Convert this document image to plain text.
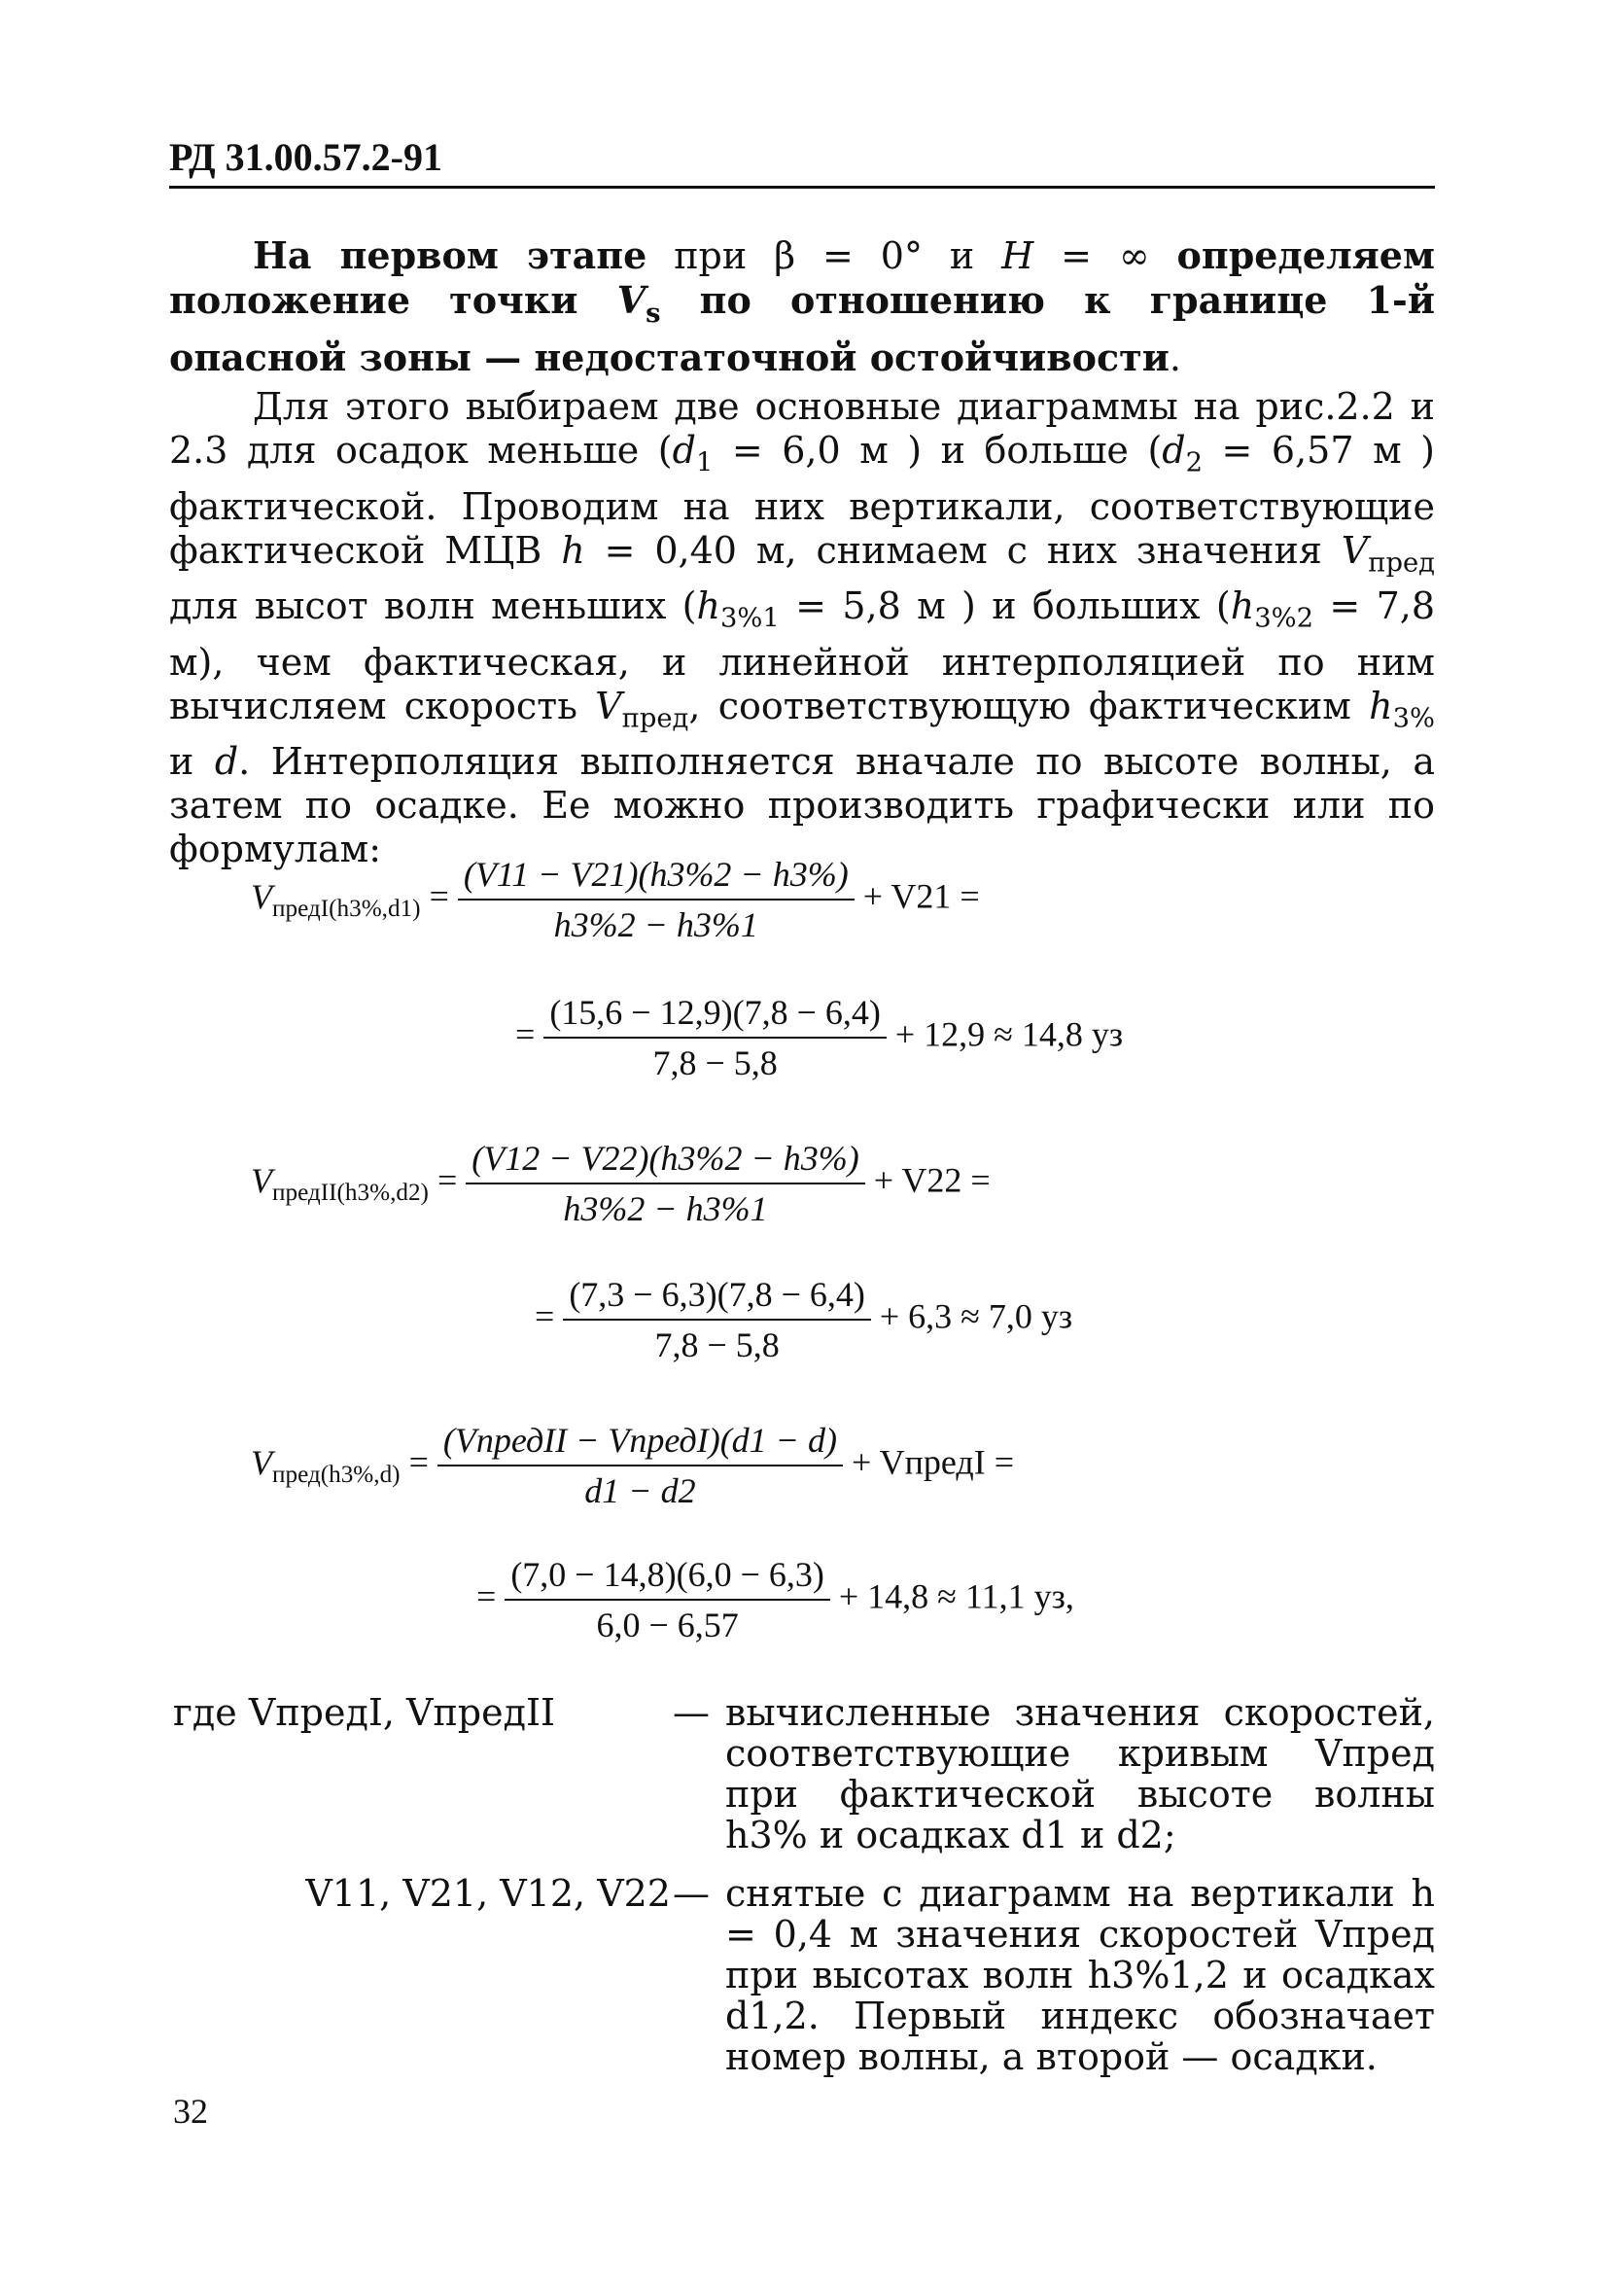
РД 31.00.57.2-91
На первом этапе при β = 0° и H = ∞ определяем положение точки $V_s$ по отношению к границе 1-й опасной зоны — недостаточной остойчивости.
Для этого выбираем две основные диаграммы на рис.2.2 и 2.3 для осадок меньше ($d_1 = 6,0$ м ) и больше ($d_2 = 6,57$ м ) фактической. Проводим на них вертикали, соответствующие фактической МЦВ h = 0,40 м, снимаем с них значения $V_{пред}$ для высот волн меньших ($h_{3\%1} = 5,8$ м ) и больших ($h_{3\%2} = 7,8$ м), чем фактическая, и линейной интерполяцией по ним вычисляем скорость $V_{пред}$, соответствующую фактическим $h_{3\%}$ и d. Интерполяция выполняется вначале по высоте волны, а затем по осадке. Ее можно производить графически или по формулам:
$V_{предI(h3\%,d1)} = \frac{(V11 - V21)(h3\%2 - h3\%)}{h3\%2 - h3\%1} + V21$ =
= $\frac{(15,6 - 12,9)(7,8 - 6,4)}{7,8 - 5,8} + 12,9 \approx 14,8$ уз
$V_{предII(h3\%,d2)} = \frac{(V12 - V22)(h3\%2 - h3\%)}{h3\%2 - h3\%1} + V22$ =
= $\frac{(7,3 - 6,3)(7,8 - 6,4)}{7,8 - 5,8} + 6,3 \approx 7,0$ уз
$V_{пред(h3\%,d)} = \frac{\text{(VпредII − VпредI)(d1 − d)}}{d1 - d2}$ + VпредI =
= $\frac{(7,0 - 14,8)(6,0 - 6,3)}{6,0 - 6,57} + 14,8 \approx 11,1$ уз,
где VпредI, VпредII	— вычисленные значения скоростей, соответствующие кривым Vпред при фактической высоте волны h3% и осадках d1 и d2;
V11, V21, V12, V22 — снятые с диаграмм на вертикали h = 0,4 м значения скоростей Vпред при высотах волн h3%1,2 и осадках d1,2. Первый индекс обозначает номер волны, а второй — осадки.
32
